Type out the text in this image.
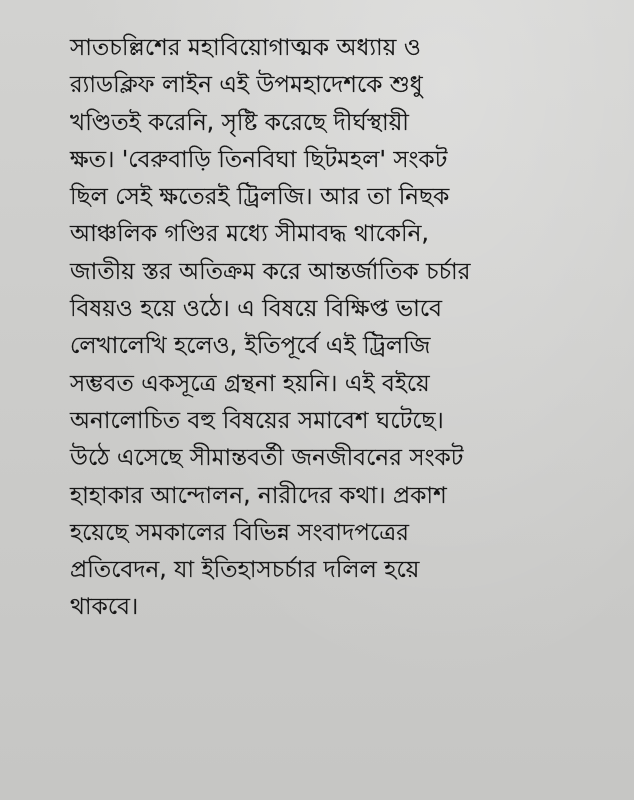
সাতচল্লিশের মহাবিয়োগাত্মক অধ্যায় ও
র‍্যাডক্লিফ লাইন এই উপমহাদেশকে শুধু
খণ্ডিতই করেনি, সৃষ্টি করেছে দীর্ঘস্থায়ী
ক্ষত। 'বেরুবাড়ি তিনবিঘা ছিটমহল' সংকট
ছিল সেই ক্ষতেরই ট্রিলজি। আর তা নিছক
আঞ্চলিক গণ্ডির মধ্যে সীমাবদ্ধ থাকেনি,
জাতীয় স্তর অতিক্রম করে আন্তর্জাতিক চর্চার
বিষয়ও হয়ে ওঠে। এ বিষয়ে বিক্ষিপ্ত ভাবে
লেখালেখি হলেও, ইতিপূর্বে এই ট্রিলজি
সম্ভবত একসূত্রে গ্রন্থনা হয়নি। এই বইয়ে
অনালোচিত বহু বিষয়ের সমাবেশ ঘটেছে।
উঠে এসেছে সীমান্তবর্তী জনজীবনের সংকট
হাহাকার আন্দোলন, নারীদের কথা। প্রকাশ
হয়েছে সমকালের বিভিন্ন সংবাদপত্রের
প্রতিবেদন, যা ইতিহাসচর্চার দলিল হয়ে
থাকবে।
